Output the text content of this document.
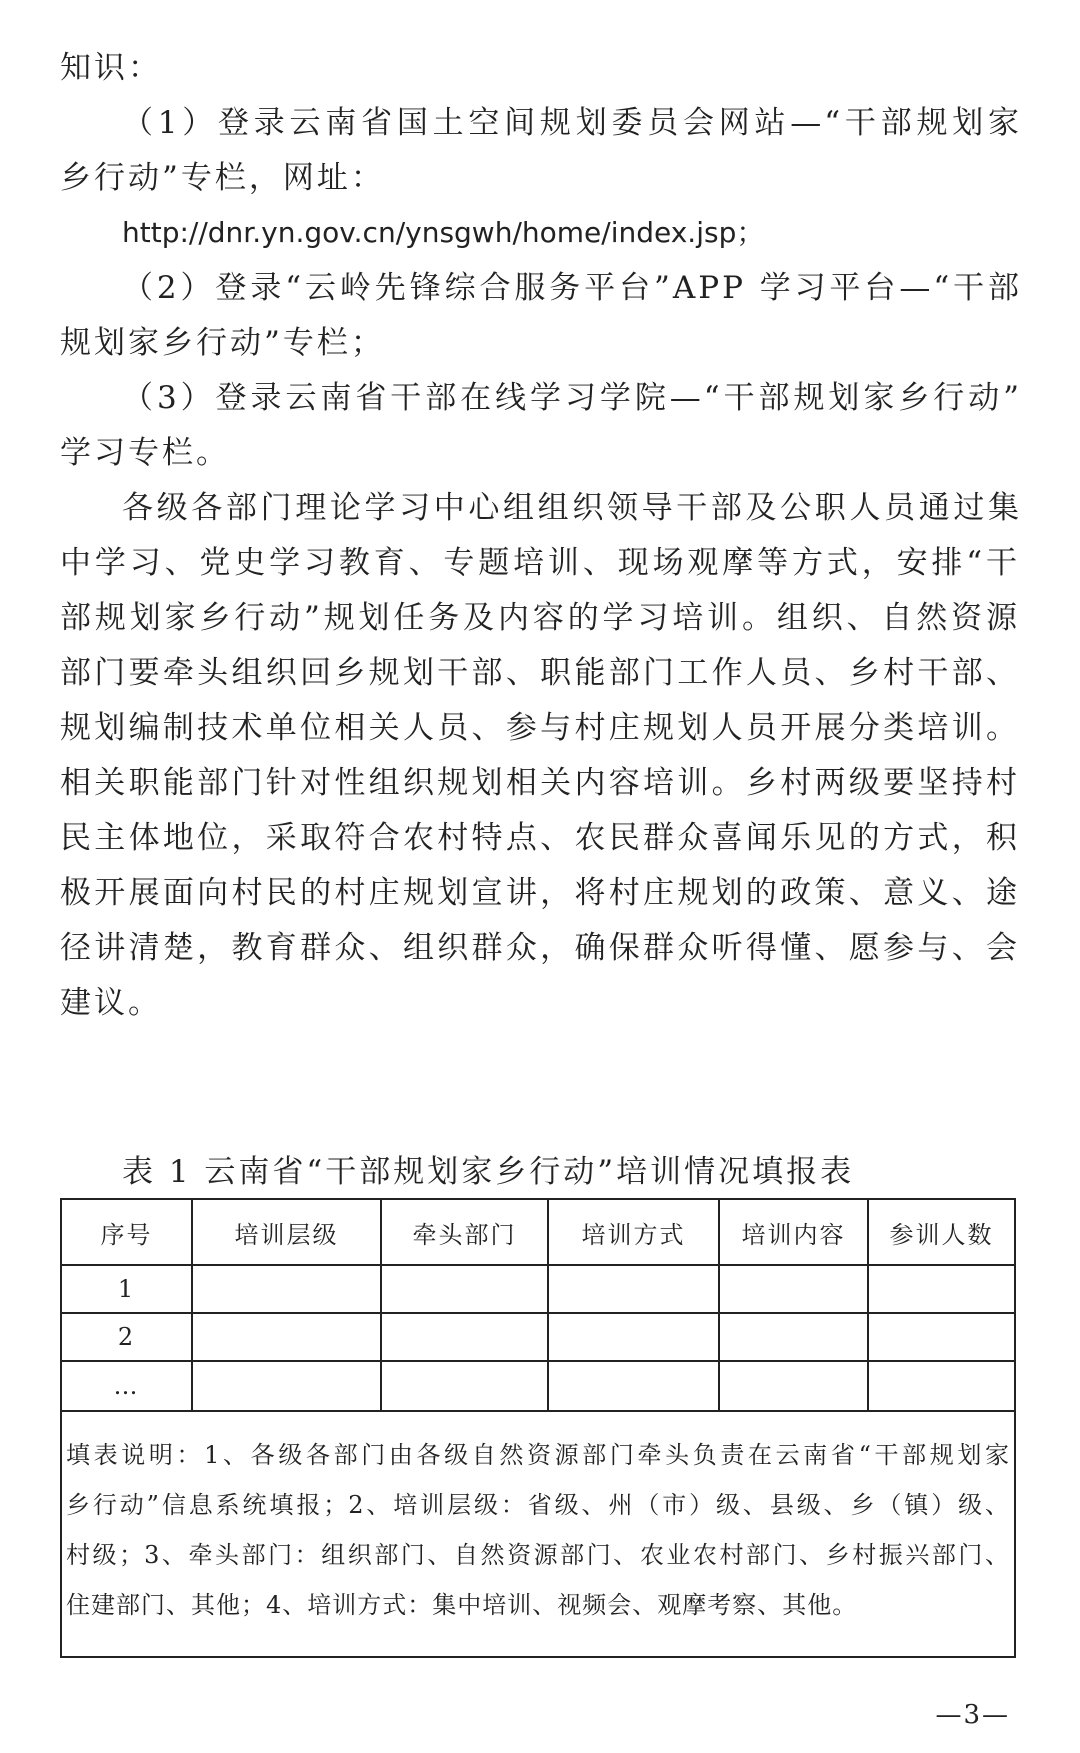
知识：
（1）登录云南省国土空间规划委员会网站—“干部规划家
乡行动”专栏，网址：
http://dnr.yn.gov.cn/ynsgwh/home/index.jsp；
（2）登录“云岭先锋综合服务平台”APP 学习平台—“干部
规划家乡行动”专栏；
（3）登录云南省干部在线学习学院—“干部规划家乡行动”
学习专栏。
各级各部门理论学习中心组组织领导干部及公职人员通过集
中学习、党史学习教育、专题培训、现场观摩等方式，安排“干
部规划家乡行动”规划任务及内容的学习培训。组织、自然资源
部门要牵头组织回乡规划干部、职能部门工作人员、乡村干部、
规划编制技术单位相关人员、参与村庄规划人员开展分类培训。
相关职能部门针对性组织规划相关内容培训。乡村两级要坚持村
民主体地位，采取符合农村特点、农民群众喜闻乐见的方式，积
极开展面向村民的村庄规划宣讲，将村庄规划的政策、意义、途
径讲清楚，教育群众、组织群众，确保群众听得懂、愿参与、会
建议。
表 1 云南省“干部规划家乡行动”培训情况填报表
序号	培训层级	牵头部门	培训方式	培训内容	参训人数
1
2
…
填表说明：1、各级各部门由各级自然资源部门牵头负责在云南省“干部规划家
乡行动”信息系统填报；2、培训层级：省级、州（市）级、县级、乡（镇）级、
村级；3、牵头部门：组织部门、自然资源部门、农业农村部门、乡村振兴部门、
住建部门、其他；4、培训方式：集中培训、视频会、观摩考察、其他。
—3—
